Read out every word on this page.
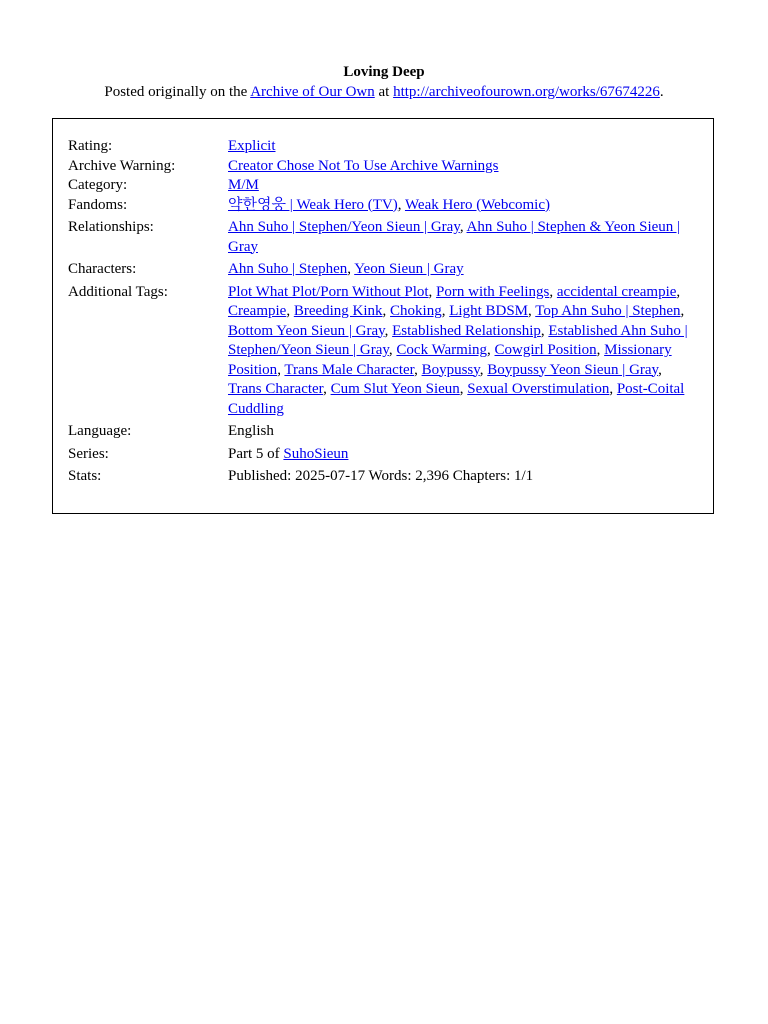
Loving Deep
Posted originally on the Archive of Our Own at http://archiveofourown.org/works/67674226.
Rating:	Explicit
Archive Warning:	Creator Chose Not To Use Archive Warnings
Category:	M/M
Fandoms:	약한영웅 | Weak Hero (TV), Weak Hero (Webcomic)
Relationships:	Ahn Suho | Stephen/Yeon Sieun | Gray, Ahn Suho | Stephen & Yeon Sieun | Gray
Characters:	Ahn Suho | Stephen, Yeon Sieun | Gray
Additional Tags:	Plot What Plot/Porn Without Plot, Porn with Feelings, accidental creampie, Creampie, Breeding Kink, Choking, Light BDSM, Top Ahn Suho | Stephen, Bottom Yeon Sieun | Gray, Established Relationship, Established Ahn Suho | Stephen/Yeon Sieun | Gray, Cock Warming, Cowgirl Position, Missionary Position, Trans Male Character, Boypussy, Boypussy Yeon Sieun | Gray, Trans Character, Cum Slut Yeon Sieun, Sexual Overstimulation, Post-Coital Cuddling
Language:	English
Series:	Part 5 of SuhoSieun
Stats:	Published: 2025-07-17 Words: 2,396 Chapters: 1/1
